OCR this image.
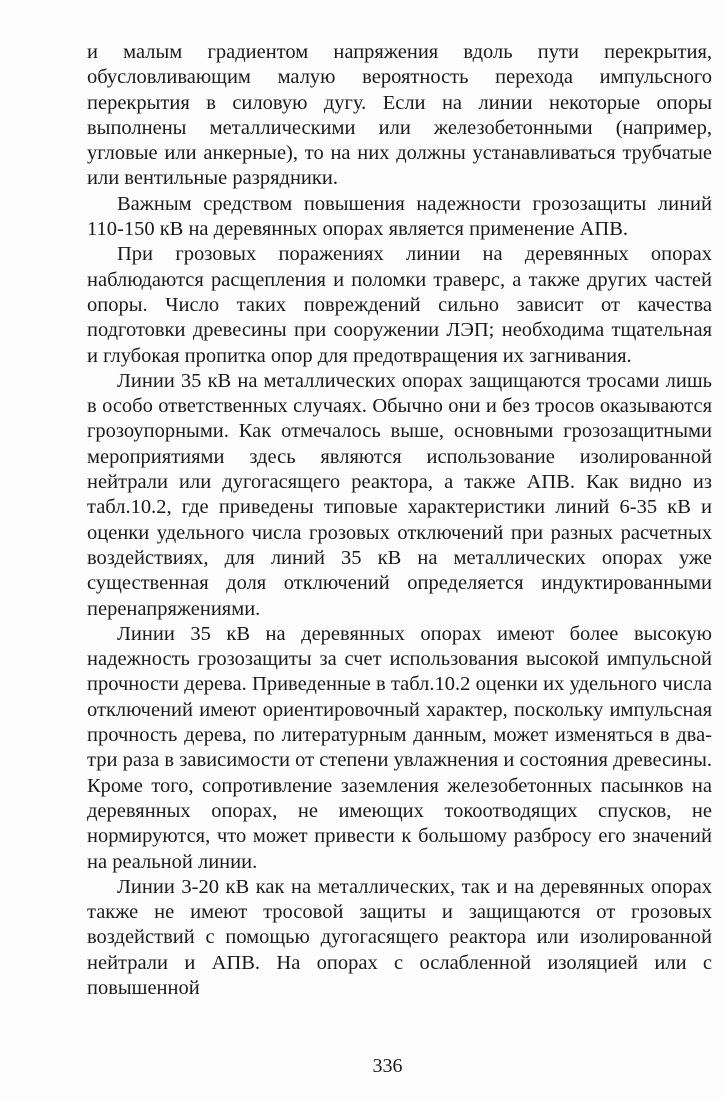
и малым градиентом напряжения вдоль пути перекрытия, обусловливающим малую вероятность перехода импульсного перекрытия в силовую дугу. Если на линии некоторые опоры выполнены металлическими или железобетонными (например, угловые или анкерные), то на них должны устанавливаться трубчатые или вентильные разрядники.

Важным средством повышения надежности грозозащиты линий 110-150 кВ на деревянных опорах является применение АПВ.

При грозовых поражениях линии на деревянных опорах наблюдаются расщепления и поломки траверс, а также других частей опоры. Число таких повреждений сильно зависит от качества подготовки древесины при сооружении ЛЭП; необходима тщательная и глубокая пропитка опор для предотвращения их загнивания.

Линии 35 кВ на металлических опорах защищаются тросами лишь в особо ответственных случаях. Обычно они и без тросов оказываются грозоупорными. Как отмечалось выше, основными грозозащитными мероприятиями здесь являются использование изолированной нейтрали или дугогасящего реактора, а также АПВ. Как видно из табл.10.2, где приведены типовые характеристики линий 6-35 кВ и оценки удельного числа грозовых отключений при разных расчетных воздействиях, для линий 35 кВ на металлических опорах уже существенная доля отключений определяется индуктированными перенапряжениями.

Линии 35 кВ на деревянных опорах имеют более высокую надежность грозозащиты за счет использования высокой импульсной прочности дерева. Приведенные в табл.10.2 оценки их удельного числа отключений имеют ориентировочный характер, поскольку импульсная прочность дерева, по литературным данным, может изменяться в два-три раза в зависимости от степени увлажнения и состояния древесины. Кроме того, сопротивление заземления железобетонных пасынков на деревянных опорах, не имеющих токоотводящих спусков, не нормируются, что может привести к большому разбросу его значений на реальной линии.

Линии 3-20 кВ как на металлических, так и на деревянных опорах также не имеют тросовой защиты и защищаются от грозовых воздействий с помощью дугогасящего реактора или изолированной нейтрали и АПВ. На опорах с ослабленной изоляцией или с повышенной

336
